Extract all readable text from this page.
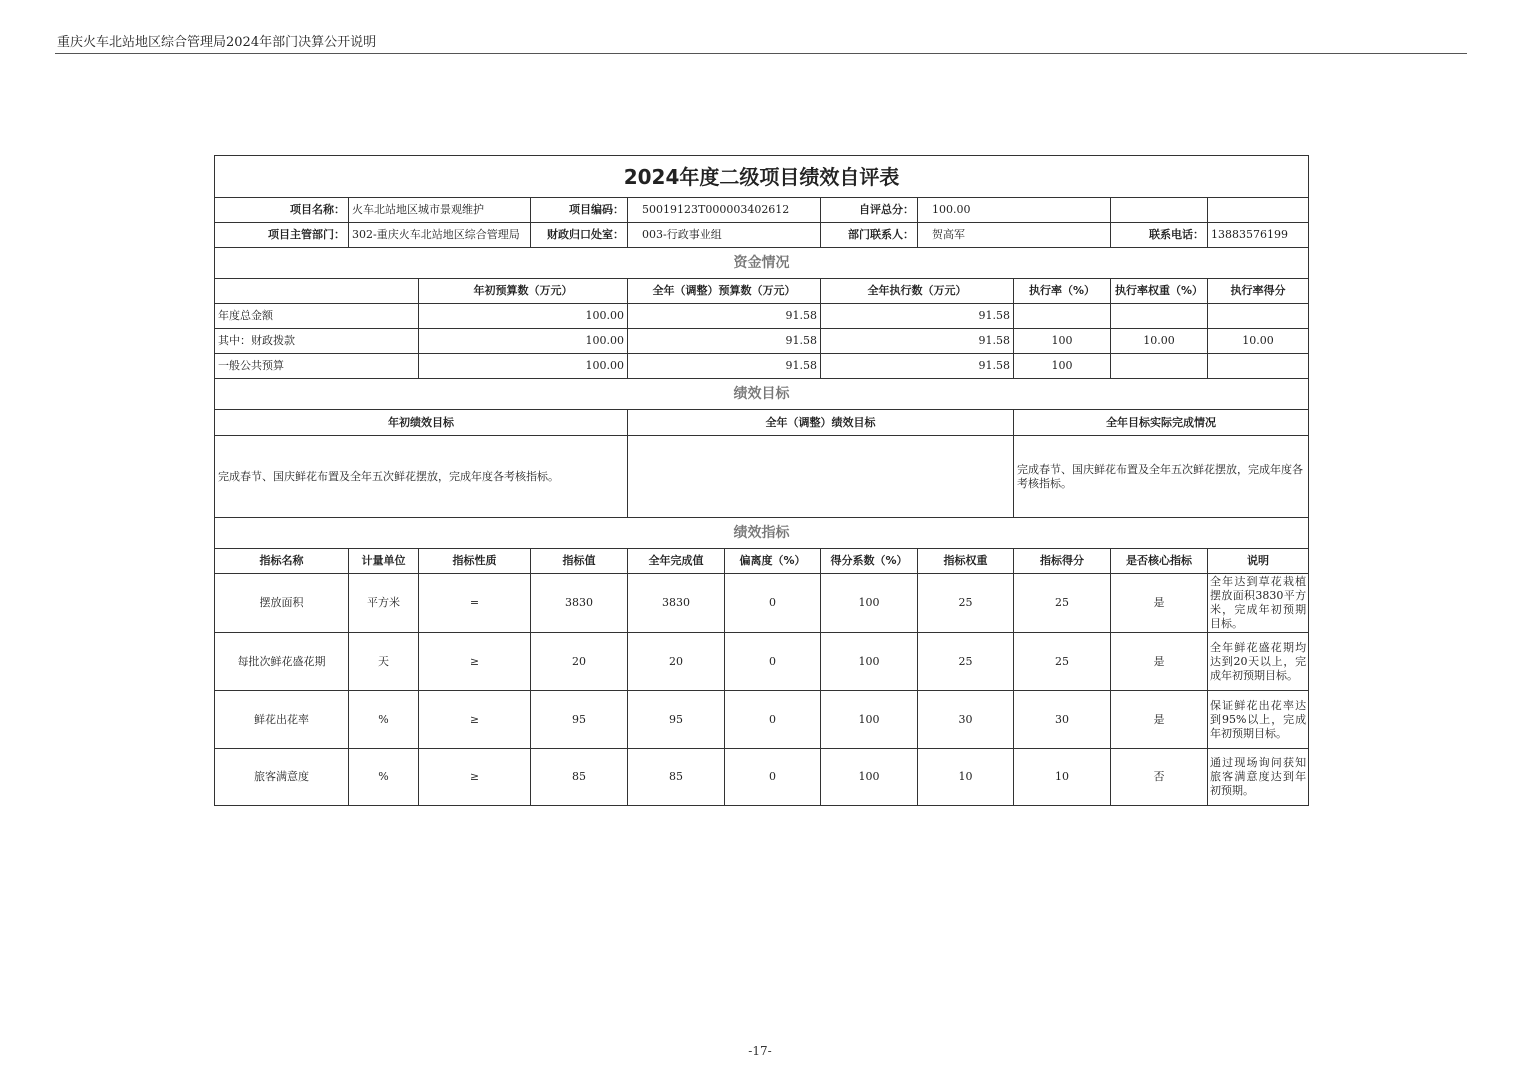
重庆火车北站地区综合管理局2024年部门决算公开说明
2024年度二级项目绩效自评表										
项目名称：	火车北站地区城市景观维护		项目编码：	50019123T000003402612		自评总分：	100.00			
项目主管部门：	302-重庆火车北站地区综合管理局		财政归口处室：	003-行政事业组		部门联系人：	贺高军		联系电话：	13883576199
资金情况										
		年初预算数（万元）		全年（调整）预算数（万元）		全年执行数（万元）		执行率（%）	执行率权重（%）	执行率得分
年度总金额		100.00		91.58		91.58				
其中：财政拨款		100.00		91.58		91.58		100	10.00	10.00
一般公共预算		100.00		91.58		91.58		100		
绩效目标										
年初绩效目标				全年（调整）绩效目标				全年目标实际完成情况		
完成春节、国庆鲜花布置及全年五次鲜花摆放，完成年度各考核指标。								完成春节、国庆鲜花布置及全年五次鲜花摆放，完成年度各考核指标。		
绩效指标										
指标名称	计量单位	指标性质	指标值	全年完成值	偏离度（%）	得分系数（%）	指标权重	指标得分	是否核心指标	说明
摆放面积	平方米	=	3830	3830	0	100	25	25	是	全年达到草花栽植摆放面积3830平方米，完成年初预期目标。
每批次鲜花盛花期	天	≥	20	20	0	100	25	25	是	全年鲜花盛花期均达到20天以上，完成年初预期目标。
鲜花出花率	%	≥	95	95	0	100	30	30	是	保证鲜花出花率达到95%以上，完成年初预期目标。
旅客满意度	%	≥	85	85	0	100	10	10	否	通过现场询问获知旅客满意度达到年初预期。
-17-
